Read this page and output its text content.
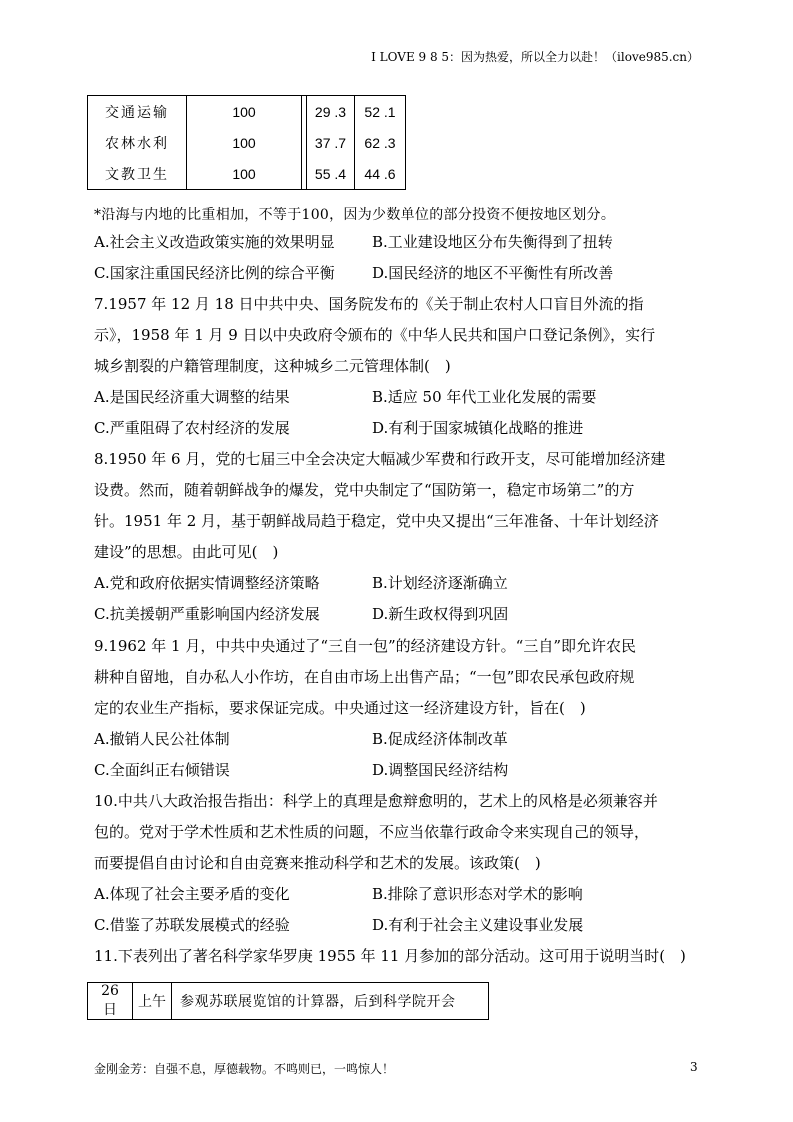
I LOVE 9 8 5：因为热爱，所以全力以赴！（ilove985.cn）
交通运输	100		29 .3	52 .1
农林水利	100		37 .7	62 .3
文教卫生	100		55 .4	44 .6
*沿海与内地的比重相加，不等于100，因为少数单位的部分投资不便按地区划分。
A.社会主义改造政策实施的效果明显 B.工业建设地区分布失衡得到了扭转
C.国家注重国民经济比例的综合平衡 D.国民经济的地区不平衡性有所改善
7.1957 年 12 月 18 日中共中央、国务院发布的《关于制止农村人口盲目外流的指
示》，1958 年 1 月 9 日以中央政府令颁布的《中华人民共和国户口登记条例》，实行
城乡割裂的户籍管理制度，这种城乡二元管理体制(　)
A.是国民经济重大调整的结果	B.适应 50 年代工业化发展的需要
C.严重阻碍了农村经济的发展	D.有利于国家城镇化战略的推进
8.1950 年 6 月，党的七届三中全会决定大幅减少军费和行政开支，尽可能增加经济建
设费。然而，随着朝鲜战争的爆发，党中央制定了“国防第一，稳定市场第二”的方
针。1951 年 2 月，基于朝鲜战局趋于稳定，党中央又提出“三年准备、十年计划经济
建设”的思想。由此可见(　)
A.党和政府依据实情调整经济策略	B.计划经济逐渐确立
C.抗美援朝严重影响国内经济发展	D.新生政权得到巩固
9.1962 年 1 月，中共中央通过了“三自一包”的经济建设方针。“三自”即允许农民
耕种自留地，自办私人小作坊，在自由市场上出售产品；“一包”即农民承包政府规
定的农业生产指标，要求保证完成。中央通过这一经济建设方针，旨在(　)
A.撤销人民公社体制	B.促成经济体制改革
C.全面纠正右倾错误	D.调整国民经济结构
10.中共八大政治报告指出：科学上的真理是愈辩愈明的，艺术上的风格是必须兼容并
包的。党对于学术性质和艺术性质的问题，不应当依靠行政命令来实现自己的领导，
而要提倡自由讨论和自由竞赛来推动科学和艺术的发展。该政策(　)
A.体现了社会主要矛盾的变化	B.排除了意识形态对学术的影响
C.借鉴了苏联发展模式的经验	D.有利于社会主义建设事业发展
11.下表列出了著名科学家华罗庚 1955 年 11 月参加的部分活动。这可用于说明当时(　)
26 日	上午	参观苏联展览馆的计算器，后到科学院开会
金刚金芳：自强不息，厚德载物。不鸣则已，一鸣惊人！	3
